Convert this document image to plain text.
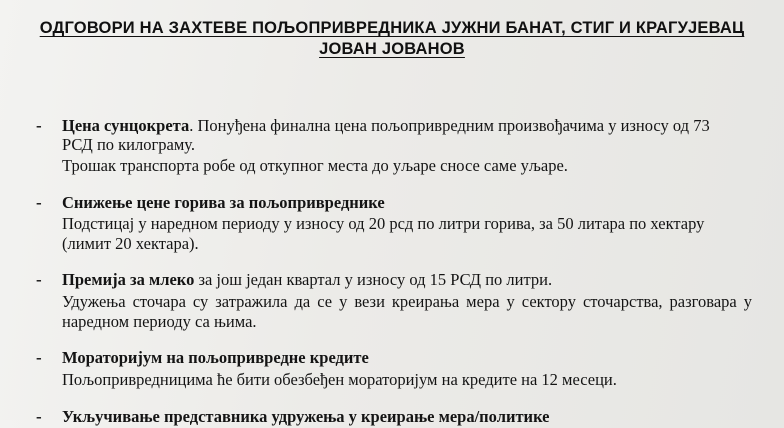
ОДГОВОРИ НА ЗАХТЕВЕ ПОЉОПРИВРЕДНИКА ЈУЖНИ БАНАТ, СТИГ И КРАГУЈЕВАЦ
ЈОВАН ЈОВАНОВ
- Цена сунцокрета. Понуђена финална цена пољопривредним произвођачима у износу од 73
РСД по килограму.
Трошак транспорта робе од откупног места до уљаре сносе саме уљаре.
- Снижење цене горива за пољопривреднике
Подстицај у наредном периоду у износу од 20 рсд по литри горива, за 50 литара по хектару
(лимит 20 хектара).
- Премија за млеко за још један квартал у износу од 15 РСД по литри.
Удужења сточара су затражила да се у вези креирања мера у сектору сточарства, разговара у
наредном периоду са њима.
- Мораторијум на пољопривредне кредите
Пољопривредницима ће бити обезбеђен мораторијум на кредите на 12 месеци.
- Укључивање представника удружења у креирање мера/политике
